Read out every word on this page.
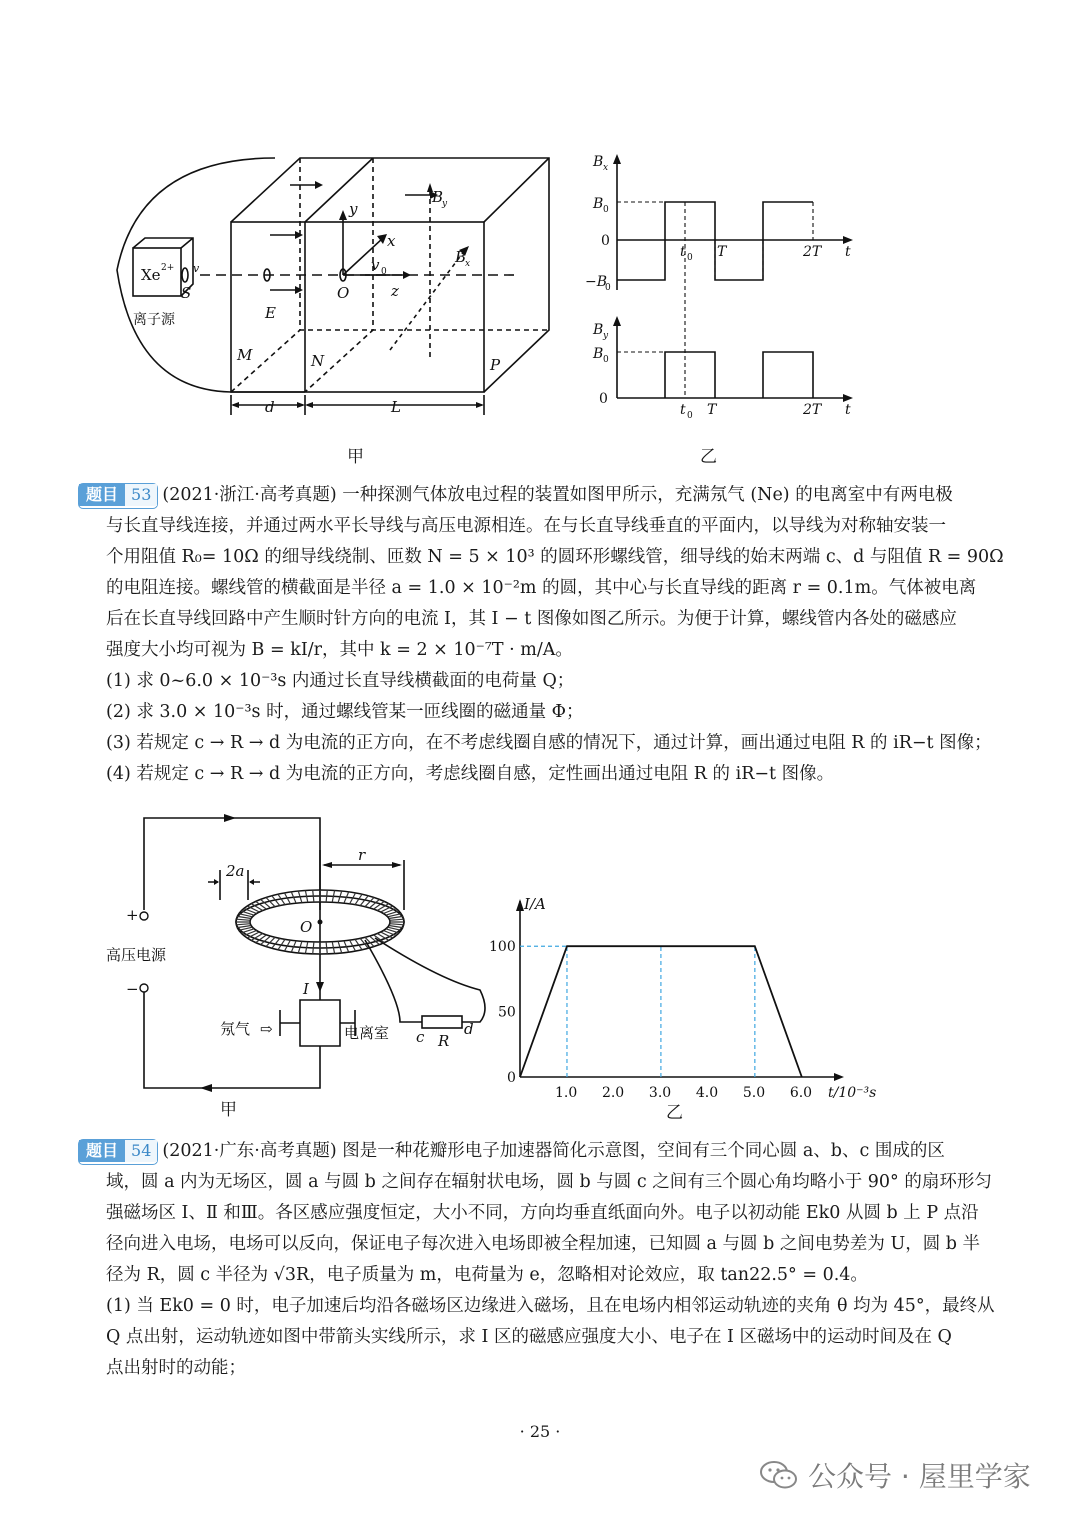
Xe 2+
S
E
M	N	P
O
y
x
z
v 0
v
B
y
B
x
d	L
离子源
B x
B 0
0
−B
0
t 0 T	2T t
B y
B 0
0
t 0 T	2T t
甲	乙
题目 53 (2021·浙江·高考真题) 一种探测气体放电过程的装置如图甲所示，充满氖气 (Ne) 的电离室中有两电极
与长直导线连接，并通过两水平长导线与高压电源相连。在与长直导线垂直的平面内，以导线为对称轴安装一
个用阻值 R₀= 10Ω 的细导线绕制、匝数 N = 5 × 10³ 的圆环形螺线管，细导线的始末两端 c、d 与阻值 R = 90Ω
的电阻连接。螺线管的横截面是半径 a = 1.0 × 10⁻²m 的圆，其中心与长直导线的距离 r = 0.1m。气体被电离
后在长直导线回路中产生顺时针方向的电流 I，其 I − t 图像如图乙所示。为便于计算，螺线管内各处的磁感应
强度大小均可视为 B = kI/r，其中 k = 2 × 10⁻⁷T · m/A。
(1) 求 0~6.0 × 10⁻³s 内通过长直导线横截面的电荷量 Q；
(2) 求 3.0 × 10⁻³s 时，通过螺线管某一匝线圈的磁通量 Φ；
(3) 若规定 c → R → d 为电流的正方向，在不考虑线圈自感的情况下，通过计算，画出通过电阻 R 的 iR−t 图像；
(4) 若规定 c → R → d 为电流的正方向，考虑线圈自感，定性画出通过电阻 R 的 iR−t 图像。
+
−
高压电源
氖气 ⇨	电离室
I
O
2a
r
c R
d
I/A
t/10⁻³s
1.0 2.0 3.0 4.0 5.0 6.0
0
50
100
甲	乙
题目 54 (2021·广东·高考真题) 图是一种花瓣形电子加速器简化示意图，空间有三个同心圆 a、b、c 围成的区
域，圆 a 内为无场区，圆 a 与圆 b 之间存在辐射状电场，圆 b 与圆 c 之间有三个圆心角均略小于 90° 的扇环形匀
强磁场区 Ⅰ、Ⅱ 和Ⅲ。各区感应强度恒定，大小不同，方向均垂直纸面向外。电子以初动能 Ek0 从圆 b 上 P 点沿
径向进入电场，电场可以反向，保证电子每次进入电场即被全程加速，已知圆 a 与圆 b 之间电势差为 U，圆 b 半
径为 R，圆 c 半径为 √3R，电子质量为 m，电荷量为 e，忽略相对论效应，取 tan22.5° = 0.4。
(1) 当 Ek0 = 0 时，电子加速后均沿各磁场区边缘进入磁场，且在电场内相邻运动轨迹的夹角 θ 均为 45°，最终从
Q 点出射，运动轨迹如图中带箭头实线所示，求 Ⅰ 区的磁感应强度大小、电子在 Ⅰ 区磁场中的运动时间及在 Q
点出射时的动能；
· 25 ·
公众号 · 屋里学家
